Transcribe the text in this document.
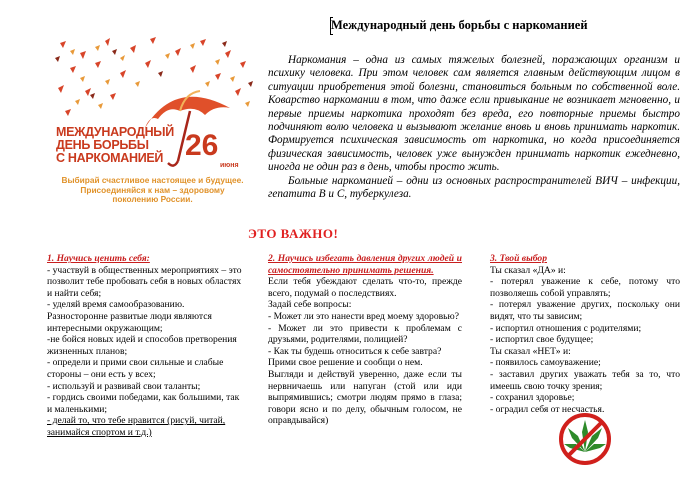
МЕЖДУНАРОДНЫЙ
ДЕНЬ БОРЬБЫ
С НАРКОМАНИЕЙ 26
июня
Выбирай счастливое настоящее и будущее.
Присоединяйся к нам – здоровому
поколению России.
Международный день борьбы с наркоманией

Наркомания – одна из самых тяжелых болезней, поражающих организм и психику человека. При этом человек сам является главным действующим лицом в ситуации приобретения этой болезни, становиться больным по собственной воле. Коварство наркомании в том, что даже если привыкание не возникает мгновенно, и первые приемы наркотика проходят без вреда, его повторные приемы быстро подчиняют волю человека и вызывают желание вновь и вновь принимать наркотик. Формируется психическая зависимость от наркотика, но когда присоединяется физическая зависимость, человек уже вынужден принимать наркотик ежедневно, иногда не один раз в день, чтобы просто жить.

Больные наркоманией – одни из основных распространителей ВИЧ – инфекции, гепатита В и С, туберкулеза.

ЭТО ВАЖНО!
1. Научись ценить себя:
- участвуй в общественных мероприятиях – это позволит тебе пробовать себя в новых областях и найти себя;
- уделяй время самообразованию. Разносторонне развитые люди являются интересными окружающим;
-не бойся новых идей и способов претворения жизненных планов;
- определи и прими свои сильные и слабые стороны – они есть у всех;
- используй и развивай свои таланты;
- гордись своими победами, как большими, так и маленькими;
- делай то, что тебе нравится (рисуй, читай, занимайся спортом и т.д.)
2. Научись избегать давления других людей и самостоятельно принимать решения.
Если тебя убеждают сделать что-то, прежде всего, подумай о последствиях.
Задай себе вопросы:
- Может ли это нанести вред моему здоровью?
- Может ли это привести к проблемам с друзьями, родителями, полицией?
- Как ты будешь относиться к себе завтра?
Прими свое решение и сообщи о нем.
Выгляди и действуй уверенно, даже если ты нервничаешь или напуган (стой или иди выпрямившись; смотри людям прямо в глаза; говори ясно и по делу, обычным голосом, не оправдывайся)
3. Твой выбор
Ты сказал «ДА» и:
- потерял уважение к себе, потому что позволяешь собой управлять;
- потерял уважение других, поскольку они видят, что ты зависим;
- испортил отношения с родителями;
- испортил свое будущее;
Ты сказал «НЕТ» и:
- появилось самоуважение;
- заставил других уважать тебя за то, что имеешь свою точку зрения;
- сохранил здоровье;
- оградил себя от несчастья.
